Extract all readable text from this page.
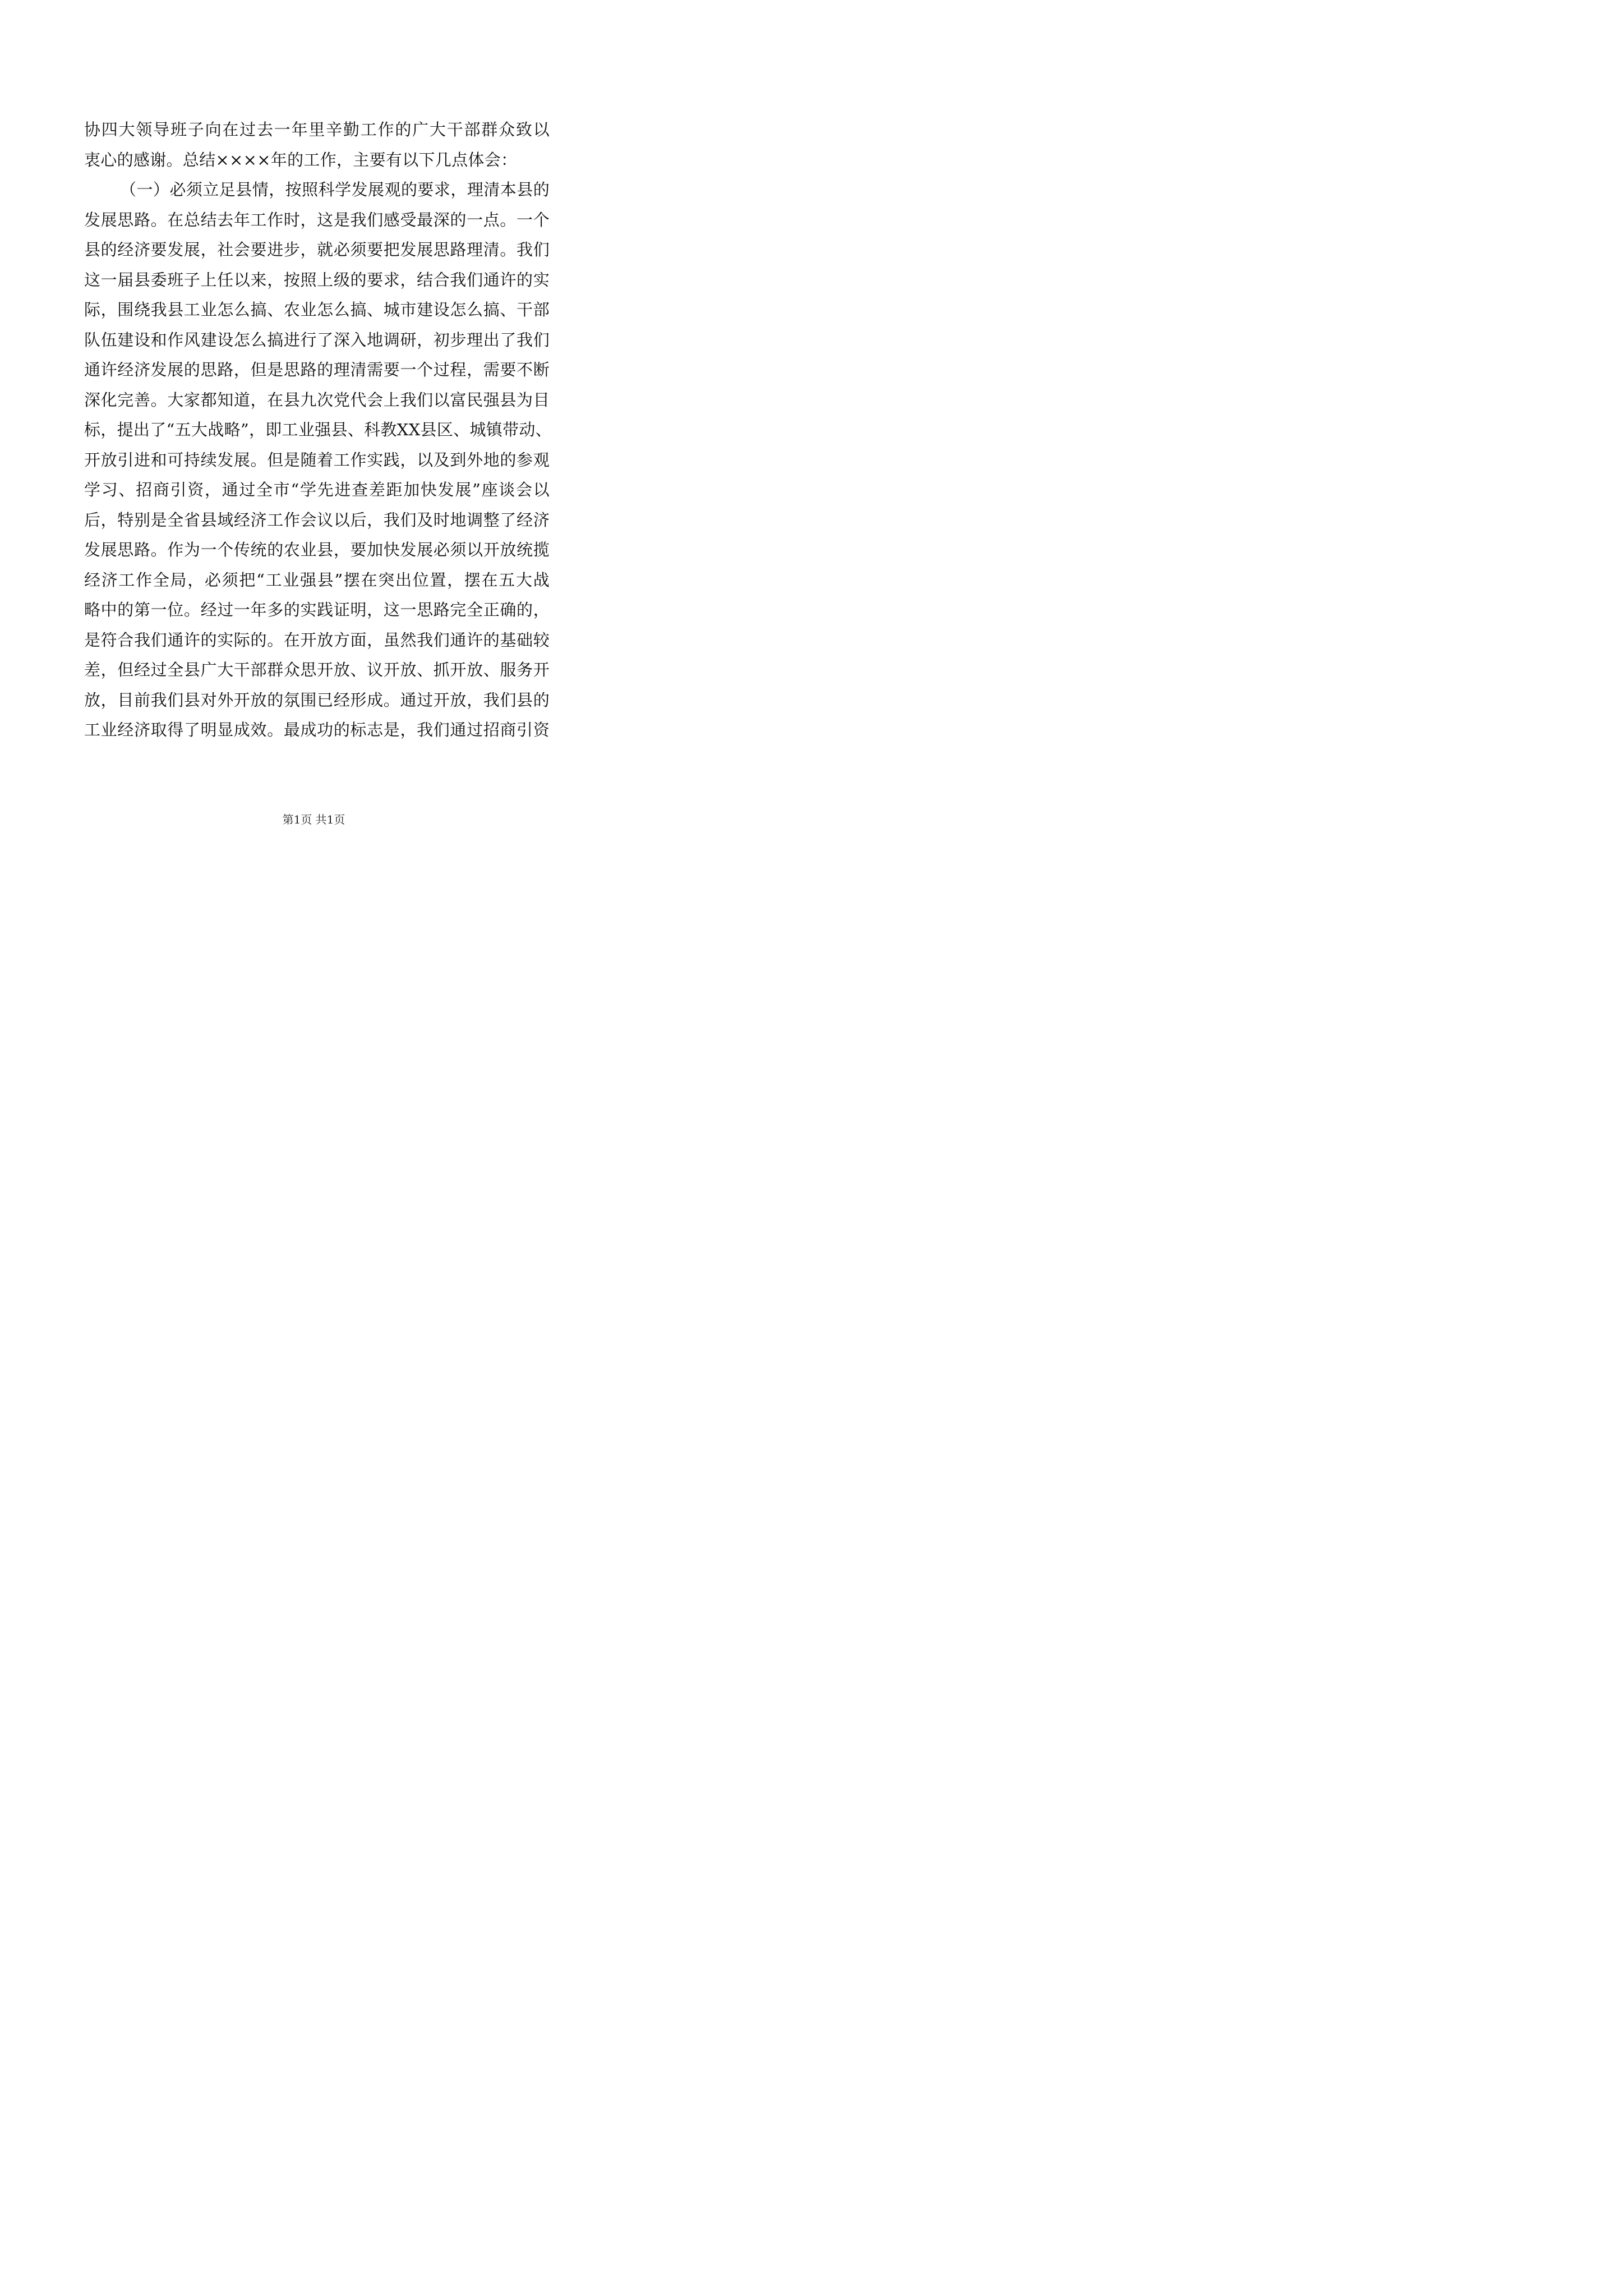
协四大领导班子向在过去一年里辛勤工作的广大干部群众致以
衷心的感谢。总结××××年的工作，主要有以下几点体会：
（一）必须立足县情，按照科学发展观的要求，理清本县的
发展思路。在总结去年工作时，这是我们感受最深的一点。一个
县的经济要发展，社会要进步，就必须要把发展思路理清。我们
这一届县委班子上任以来，按照上级的要求，结合我们通许的实
际，围绕我县工业怎么搞、农业怎么搞、城市建设怎么搞、干部
队伍建设和作风建设怎么搞进行了深入地调研，初步理出了我们
通许经济发展的思路，但是思路的理清需要一个过程，需要不断
深化完善。大家都知道，在县九次党代会上我们以富民强县为目
标，提出了“五大战略”，即工业强县、科教XX县区、城镇带动、
开放引进和可持续发展。但是随着工作实践，以及到外地的参观
学习、招商引资，通过全市“学先进查差距加快发展”座谈会以
后，特别是全省县域经济工作会议以后，我们及时地调整了经济
发展思路。作为一个传统的农业县，要加快发展必须以开放统揽
经济工作全局，必须把“工业强县”摆在突出位置，摆在五大战
略中的第一位。经过一年多的实践证明，这一思路完全正确的，
是符合我们通许的实际的。在开放方面，虽然我们通许的基础较
差，但经过全县广大干部群众思开放、议开放、抓开放、服务开
放，目前我们县对外开放的氛围已经形成。通过开放，我们县的
工业经济取得了明显成效。最成功的标志是，我们通过招商引资
第1页 共1页
